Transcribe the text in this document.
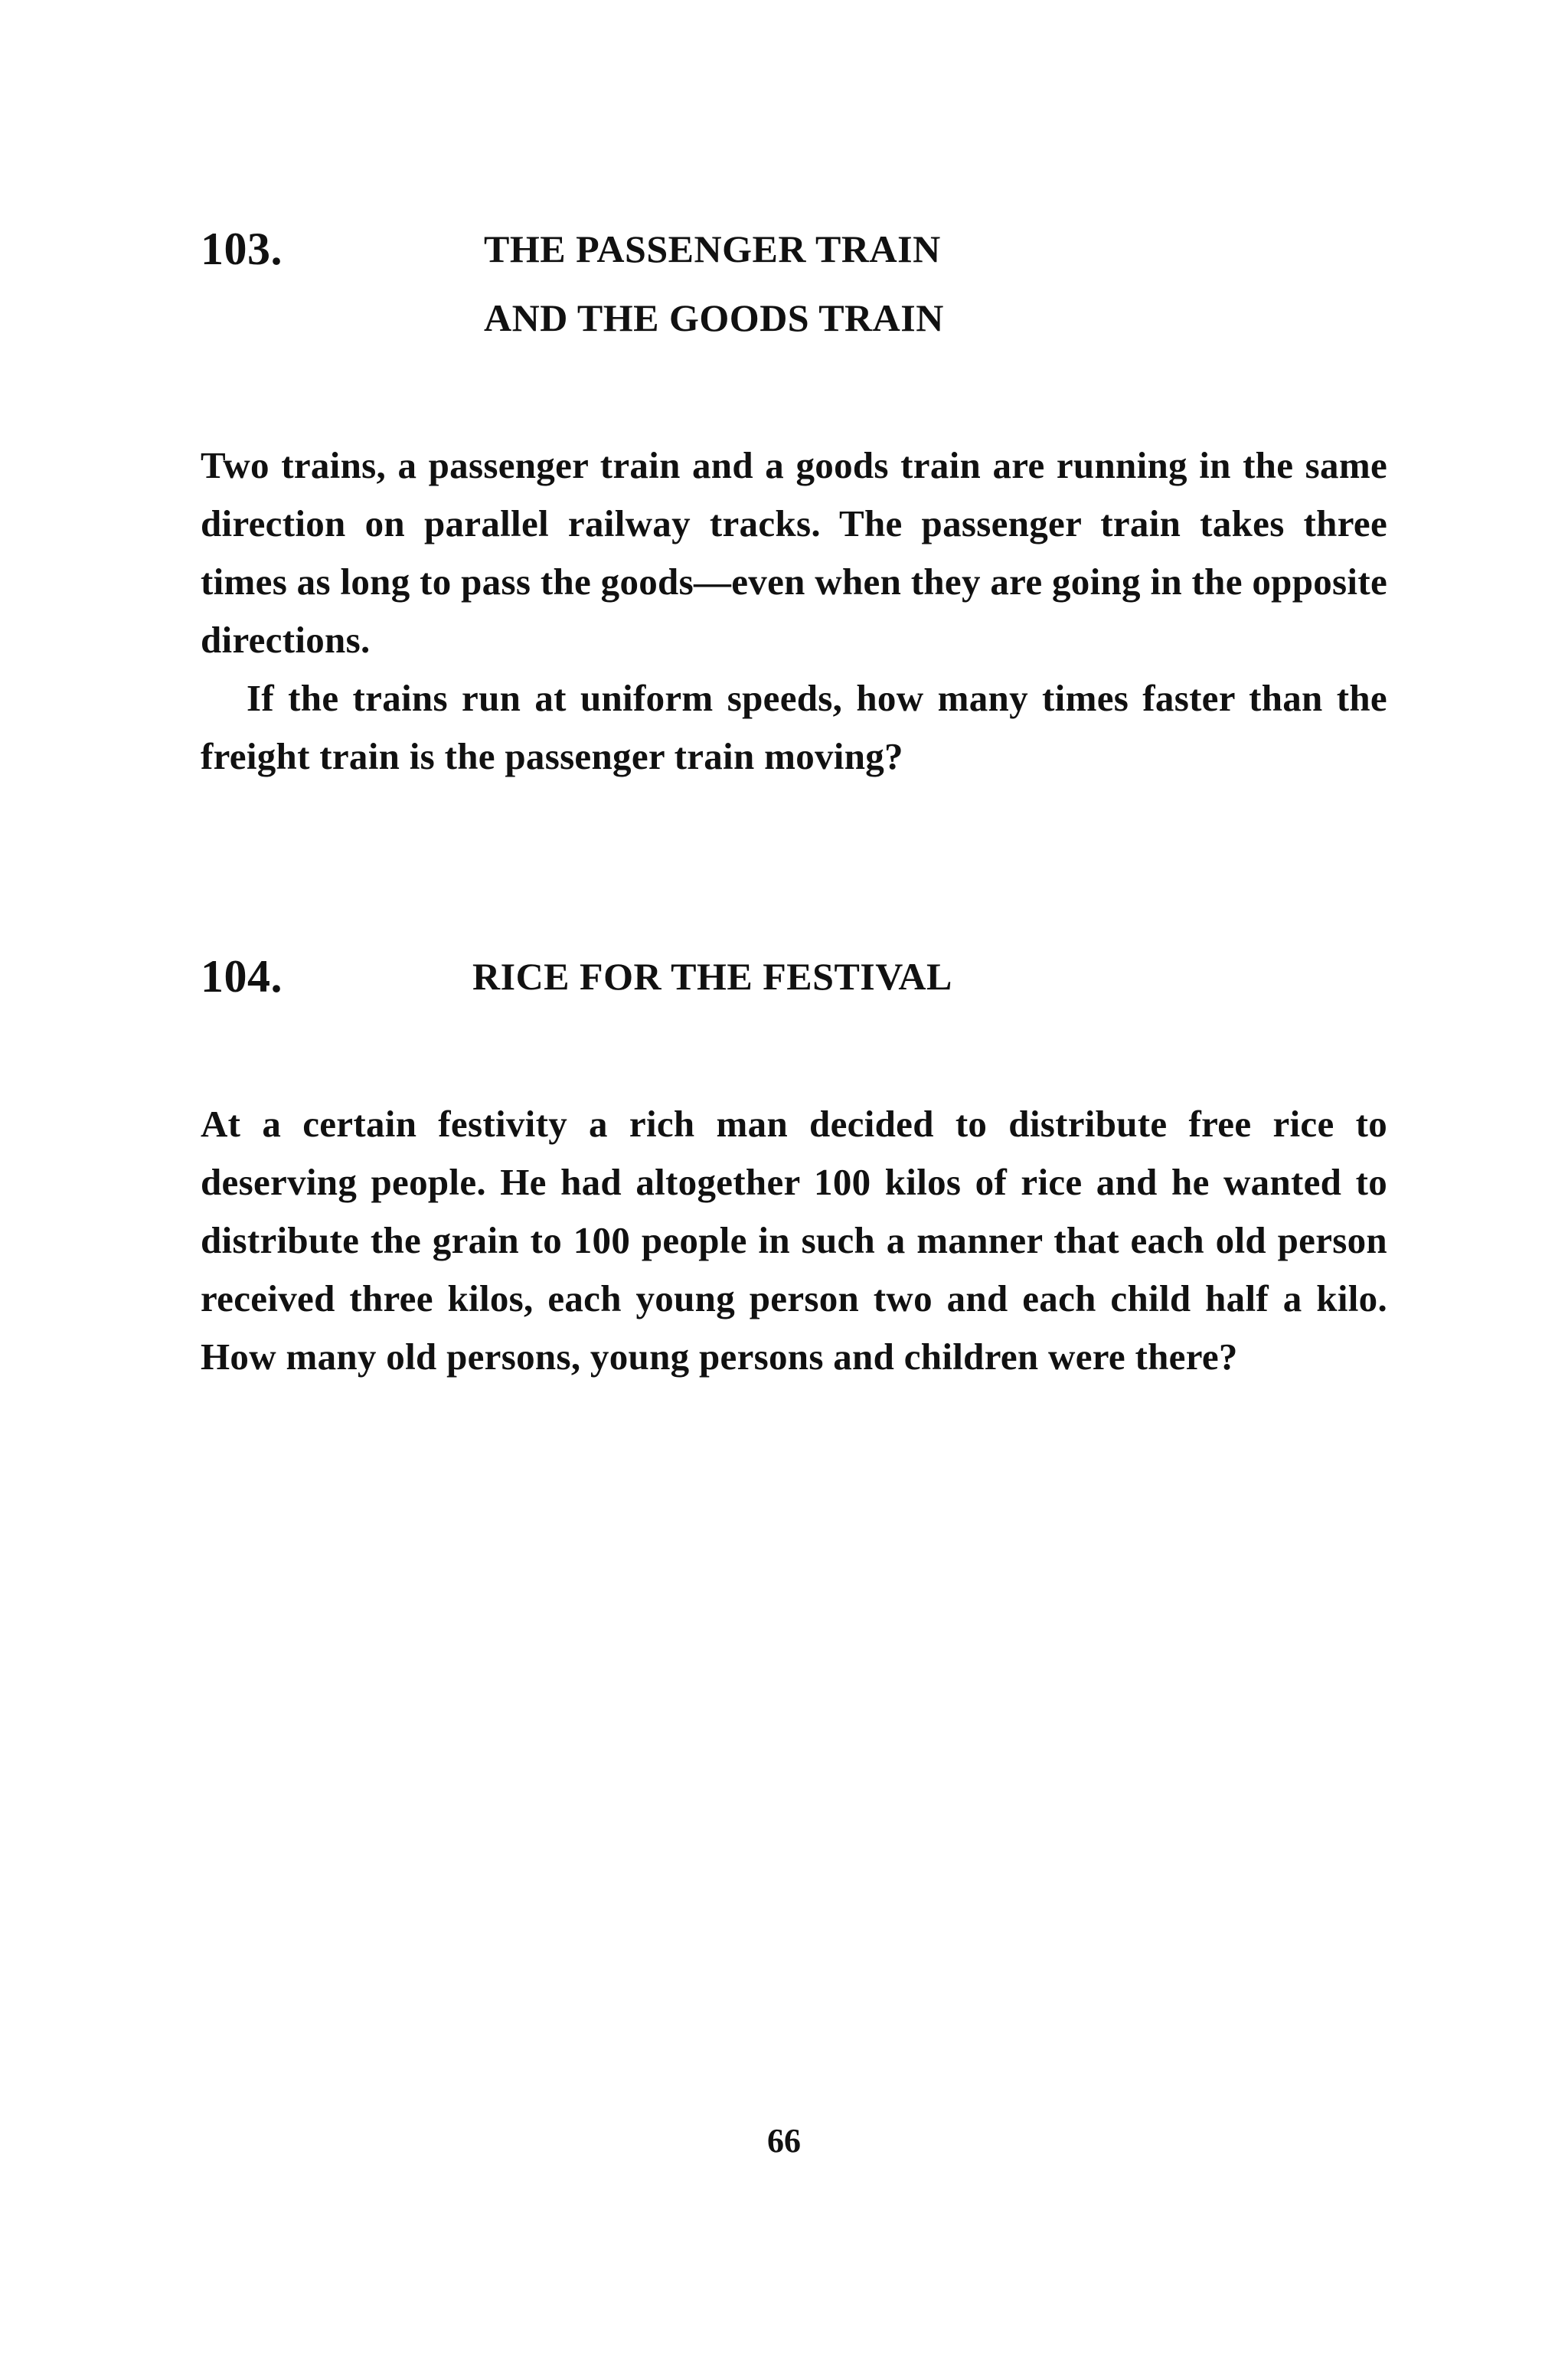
103.	THE PASSENGER TRAIN
AND THE GOODS TRAIN

Two trains, a passenger train and a goods train are running in the same direction on parallel railway tracks. The passenger train takes three times as long to pass the goods—even when they are going in the opposite directions.

If the trains run at uniform speeds, how many times faster than the freight train is the passenger train moving?

104.	RICE FOR THE FESTIVAL

At a certain festivity a rich man decided to distribute free rice to deserving people. He had altogether 100 kilos of rice and he wanted to distribute the grain to 100 people in such a manner that each old person received three kilos, each young person two and each child half a kilo. How many old persons, young persons and children were there?

66
